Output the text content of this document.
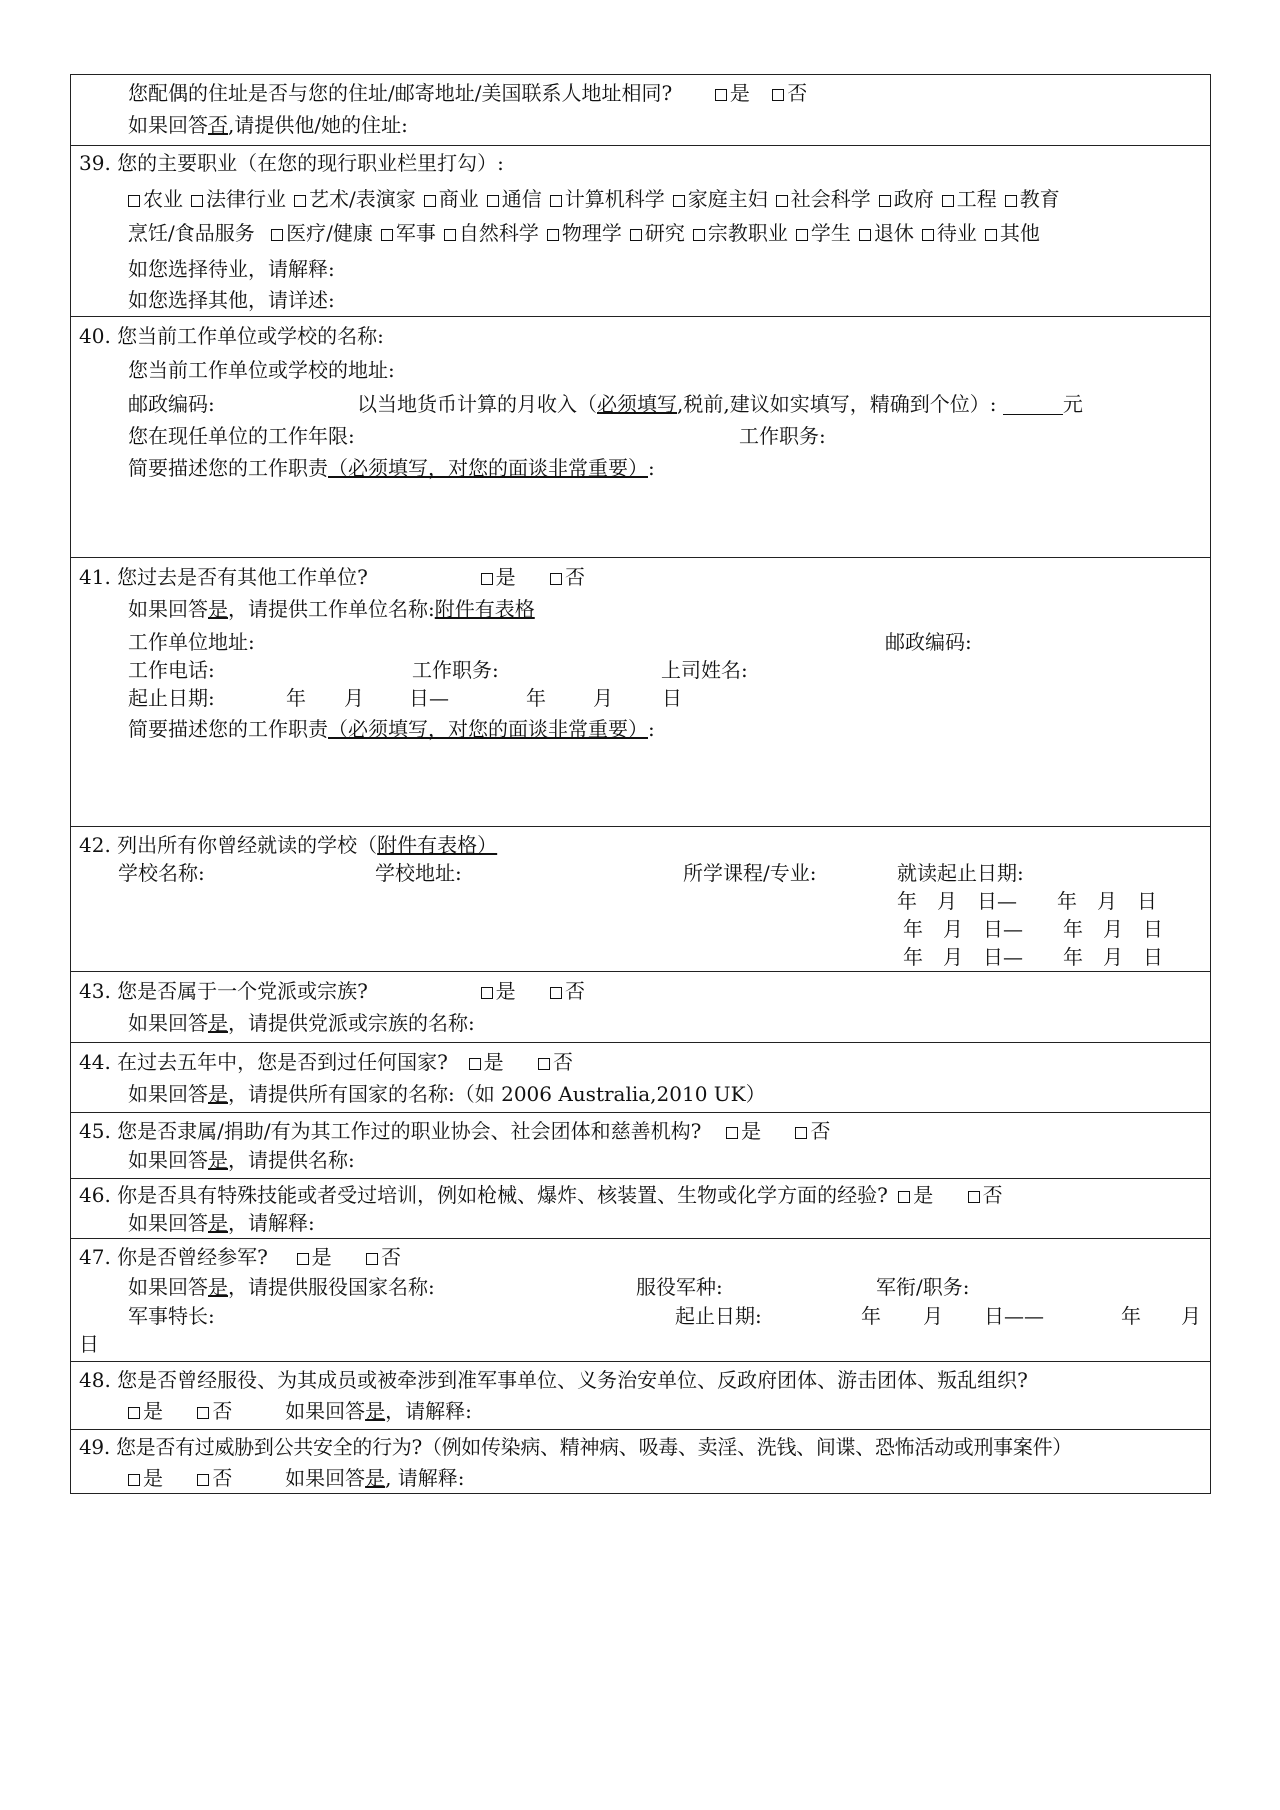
您配偶的住址是否与您的住址/邮寄地址/美国联系人地址相同?	是 否
如果回答否,请提供他/她的住址:
39. 您的主要职业（在您的现行职业栏里打勾）:
农业 法律行业 艺术/表演家 商业 通信 计算机科学 家庭主妇 社会科学 政府 工程 教育
烹饪/食品服务 医疗/健康 军事 自然科学 物理学 研究 宗教职业 学生 退休 待业 其他
如您选择待业，请解释:
如您选择其他，请详述:
40. 您当前工作单位或学校的名称:
您当前工作单位或学校的地址:
邮政编码:	以当地货币计算的月收入（必须填写,税前,建议如实填写，精确到个位）:	元
您在现任单位的工作年限:	工作职务:
简要描述您的工作职责（必须填写，对您的面谈非常重要）:
41. 您过去是否有其他工作单位?	是 否
如果回答是，请提供工作单位名称:附件有表格
工作单位地址:	邮政编码:
工作电话:	工作职务:	上司姓名:
起止日期:	年 月 日—	年 月 日
简要描述您的工作职责（必须填写，对您的面谈非常重要）:
42. 列出所有你曾经就读的学校（附件有表格）
学校名称:	学校地址:	所学课程/专业:	就读起止日期:
年　月　日—　　年　月　日
年　月　日—　　年　月　日
年　月　日—　　年　月　日
43. 您是否属于一个党派或宗族?	是 否
如果回答是，请提供党派或宗族的名称:
44. 在过去五年中，您是否到过任何国家? 是 否
如果回答是，请提供所有国家的名称:（如 2006 Australia,2010 UK）
45. 您是否隶属/捐助/有为其工作过的职业协会、社会团体和慈善机构? 是 否
如果回答是，请提供名称:
46. 你是否具有特殊技能或者受过培训，例如枪械、爆炸、核装置、生物或化学方面的经验? 是 否
如果回答是，请解释:
47. 你是否曾经参军? 是 否
如果回答是，请提供服役国家名称:	服役军种:	军衔/职务:
军事特长:	起止日期:	年 月 日——	年 月
日
48. 您是否曾经服役、为其成员或被牵涉到准军事单位、义务治安单位、反政府团体、游击团体、叛乱组织?
是 否	如果回答是，请解释:
49. 您是否有过威胁到公共安全的行为?（例如传染病、精神病、吸毒、卖淫、洗钱、间谍、恐怖活动或刑事案件）
是 否	如果回答是, 请解释:
